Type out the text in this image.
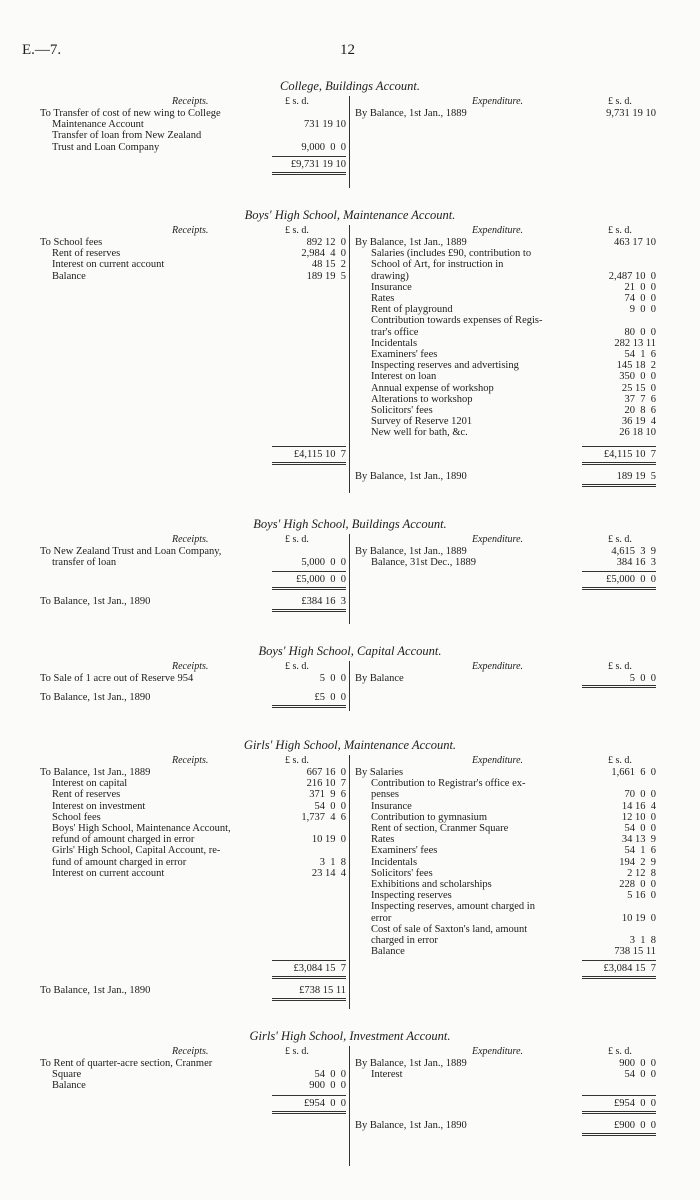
E.—7.	12
College, Buildings Account.
Receipts.	£ s. d.	Expenditure.	£ s. d.
To Transfer of cost of new wing to College
Maintenance Account	731 19 10
Transfer of loan from New Zealand
Trust and Loan Company	9,000  0  0
By Balance, 1st Jan., 1889	9,731 19 10
£9,731 19 10
Boys' High School, Maintenance Account.
Receipts.	£ s. d.	Expenditure.	£ s. d.
To School fees	892 12  0
Rent of reserves	2,984  4  0
Interest on current account	48 15  2
Balance	189 19  5
By Balance, 1st Jan., 1889	463 17 10
Salaries (includes £90, contribution to
School of Art, for instruction in
drawing)	2,487 10  0
Insurance	21  0  0
Rates	74  0  0
Rent of playground	9  0  0
Contribution towards expenses of Regis-
trar's office	80  0  0
Incidentals	282 13 11
Examiners' fees	54  1  6
Inspecting reserves and advertising	145 18  2
Interest on loan	350  0  0
Annual expense of workshop	25 15  0
Alterations to workshop	37  7  6
Solicitors' fees	20  8  6
Survey of Reserve 1201	36 19  4
New well for bath, &c.	26 18 10
£4,115 10  7	£4,115 10  7
By Balance, 1st Jan., 1890	189 19  5
Boys' High School, Buildings Account.
Receipts.	£ s. d.	Expenditure.	£ s. d.
To New Zealand Trust and Loan Company,
transfer of loan	5,000  0  0
By Balance, 1st Jan., 1889	4,615  3  9
Balance, 31st Dec., 1889	384 16  3
£5,000  0  0	£5,000  0  0
To Balance, 1st Jan., 1890	£384 16  3
Boys' High School, Capital Account.
Receipts.	£ s. d.	Expenditure.	£ s. d.
To Sale of 1 acre out of Reserve 954	5  0  0 By Balance	5  0  0
To Balance, 1st Jan., 1890	£5  0  0
Girls' High School, Maintenance Account.
Receipts.	£ s. d.	Expenditure.	£ s. d.
To Balance, 1st Jan., 1889	667 16  0
Interest on capital	216 10  7
Rent of reserves	371  9  6
Interest on investment	54  0  0
School fees	1,737  4  6
Boys' High School, Maintenance Account,
refund of amount charged in error	10 19  0
Girls' High School, Capital Account, re-
fund of amount charged in error	3  1  8
Interest on current account	23 14  4
By Salaries	1,661  6  0
Contribution to Registrar's office ex-
penses	70  0  0
Insurance	14 16  4
Contribution to gymnasium	12 10  0
Rent of section, Cranmer Square	54  0  0
Rates	34 13  9
Examiners' fees	54  1  6
Incidentals	194  2  9
Solicitors' fees	2 12  8
Exhibitions and scholarships	228  0  0
Inspecting reserves	5 16  0
Inspecting reserves, amount charged in
error	10 19  0
Cost of sale of Saxton's land, amount
charged in error	3  1  8
Balance	738 15 11
£3,084 15  7	£3,084 15  7
To Balance, 1st Jan., 1890	£738 15 11
Girls' High School, Investment Account.
Receipts.	£ s. d.	Expenditure.	£ s. d.
To Rent of quarter-acre section, Cranmer
Square	54  0  0
Balance	900  0  0
By Balance, 1st Jan., 1889	900  0  0
Interest	54  0  0
£954  0  0	£954  0  0
By Balance, 1st Jan., 1890	£900  0  0
